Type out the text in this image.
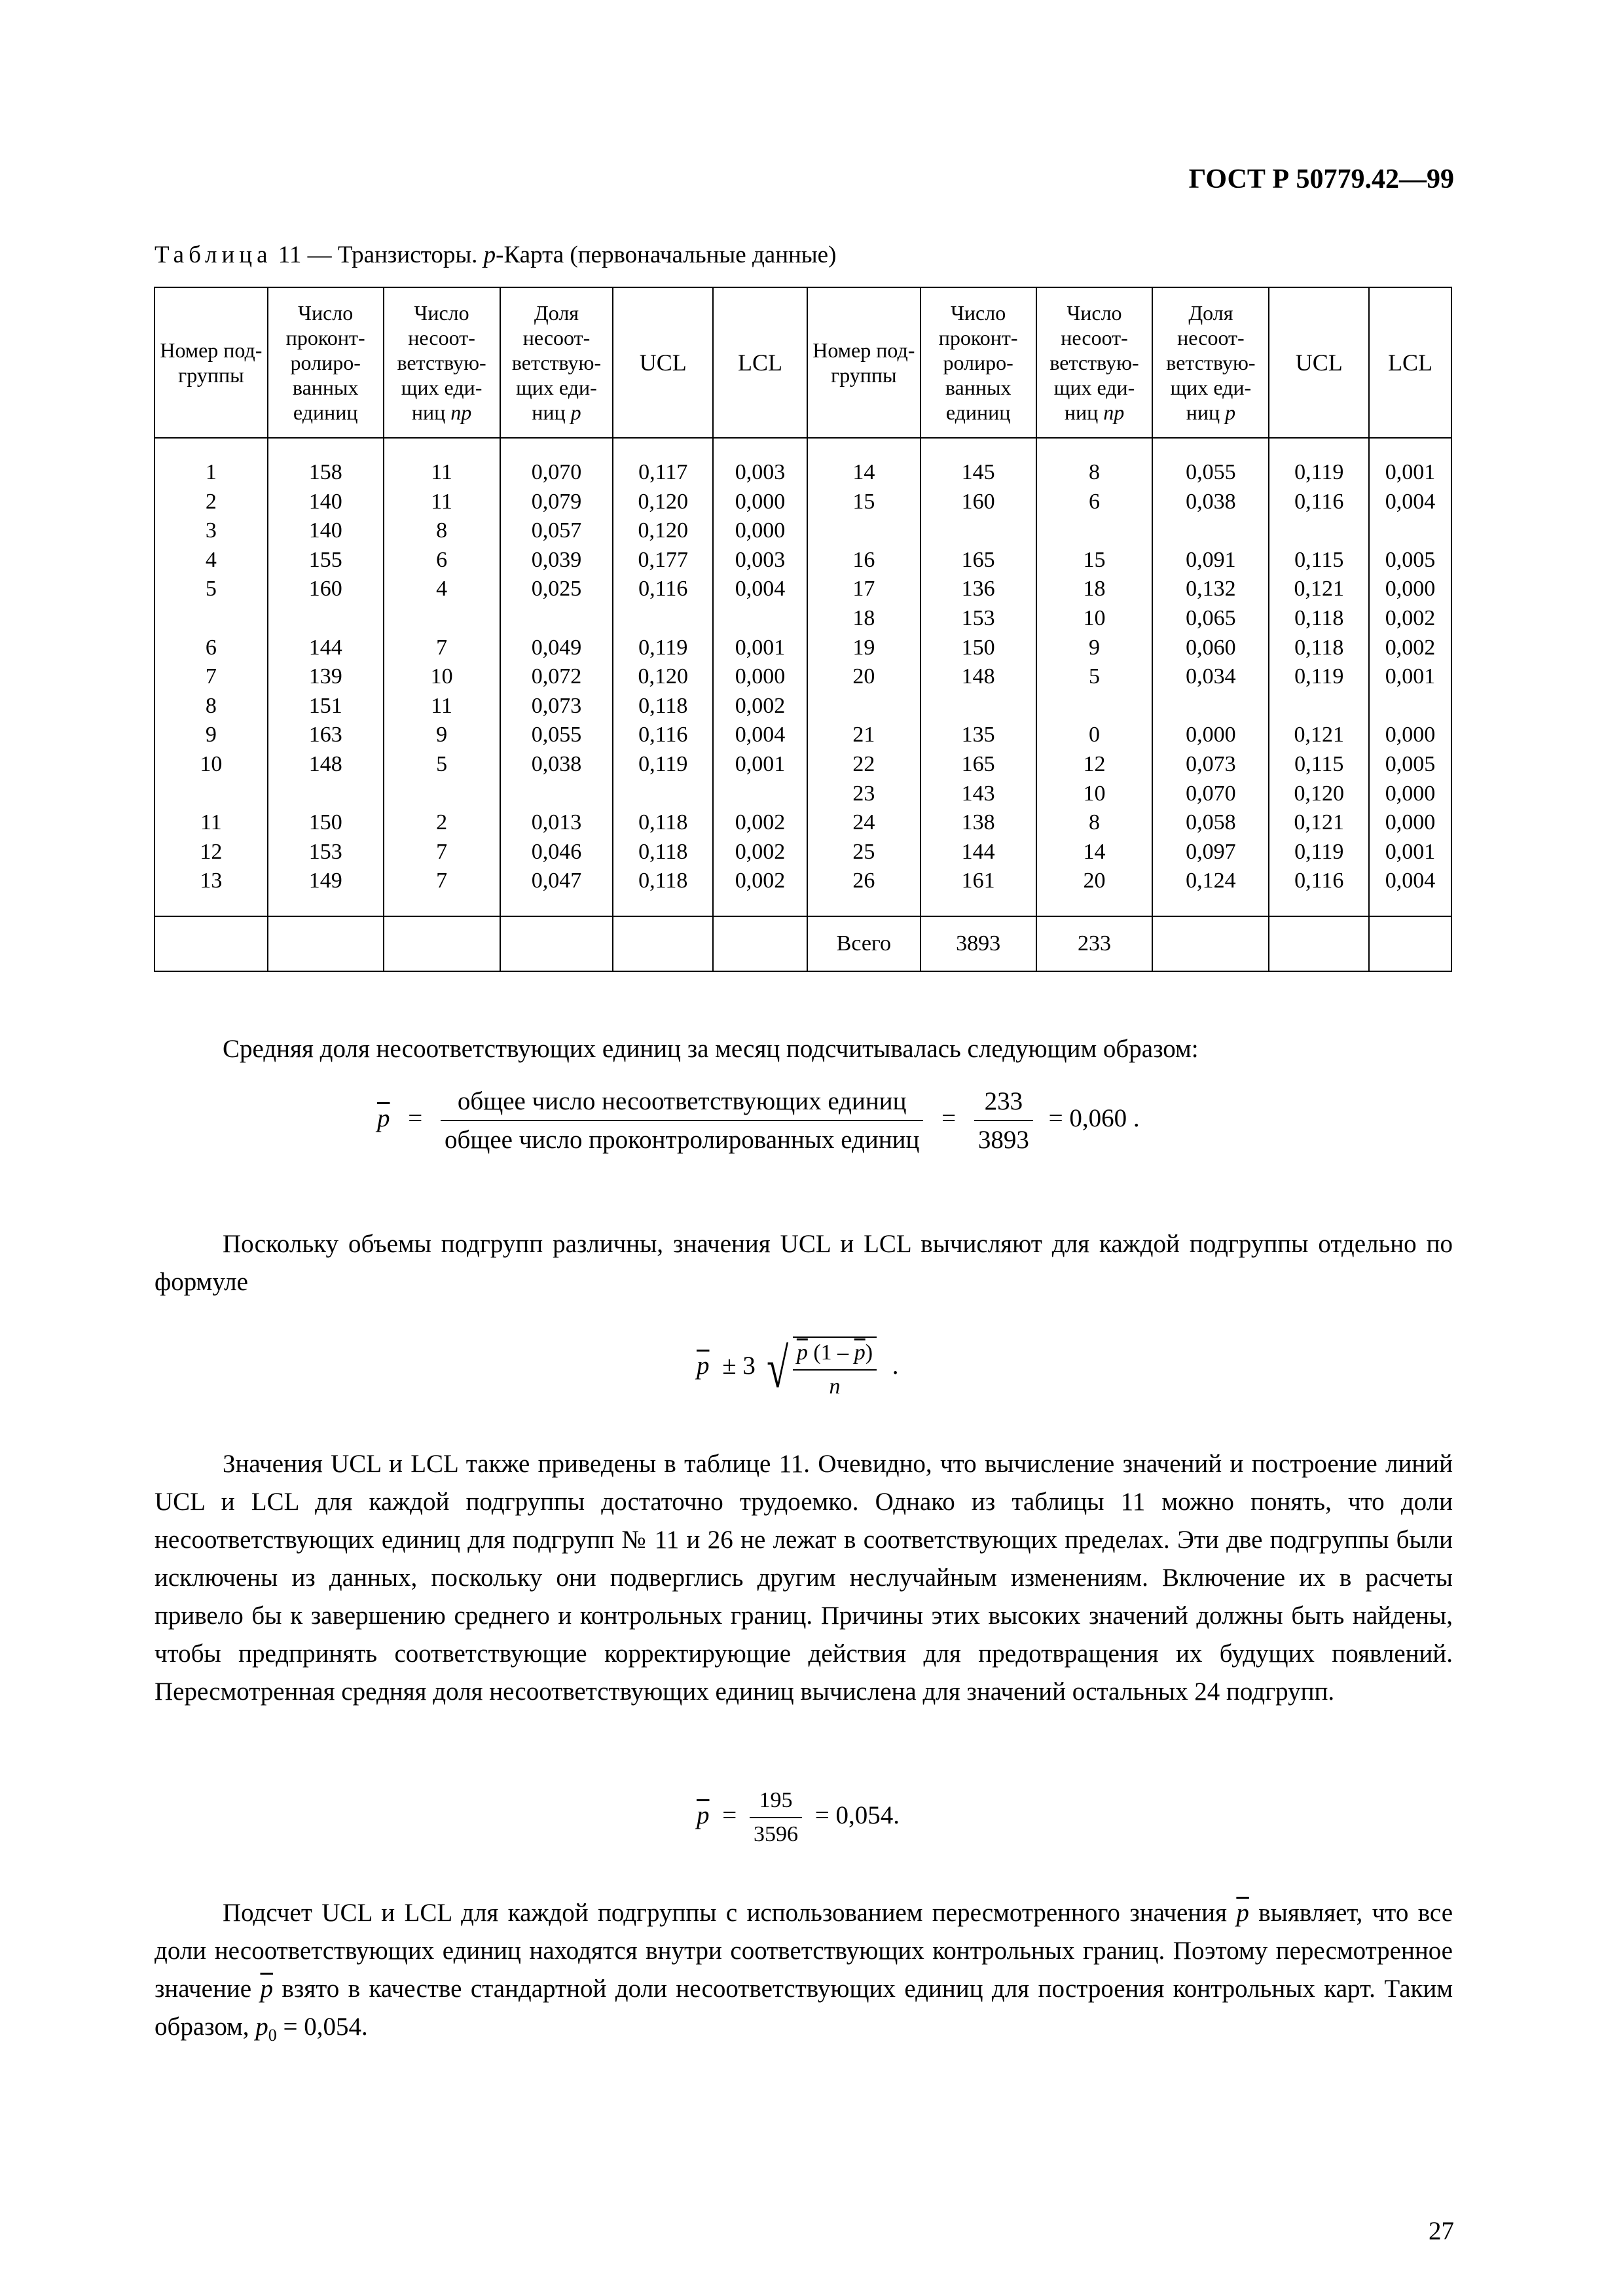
ГОСТ Р 50779.42—99
Таблица 11 — Транзисторы. p-Карта (первоначальные данные)
Номер под- группы	Число проконт- ролиро- ванных единиц	Число несоот- ветствую- щих еди- ниц np	Доля несоот- ветствую- щих еди- ниц p	UCL	LCL	Номер под- группы	Число проконт- ролиро- ванных единиц	Число несоот- ветствую- щих еди- ниц np	Доля несоот- ветствую- щих еди- ниц p	UCL	LCL

1	158	11	0,070	0,117	0,003	14	145	8	0,055	0,119	0,001
2	140	11	0,079	0,120	0,000	15	160	6	0,038	0,116	0,004
3	140	8	0,057	0,120	0,000						
4	155	6	0,039	0,177	0,003	16	165	15	0,091	0,115	0,005
5	160	4	0,025	0,116	0,004	17	136	18	0,132	0,121	0,000
						18	153	10	0,065	0,118	0,002
6	144	7	0,049	0,119	0,001	19	150	9	0,060	0,118	0,002
7	139	10	0,072	0,120	0,000	20	148	5	0,034	0,119	0,001
8	151	11	0,073	0,118	0,002						
9	163	9	0,055	0,116	0,004	21	135	0	0,000	0,121	0,000
10	148	5	0,038	0,119	0,001	22	165	12	0,073	0,115	0,005
						23	143	10	0,070	0,120	0,000
11	150	2	0,013	0,118	0,002	24	138	8	0,058	0,121	0,000
12	153	7	0,046	0,118	0,002	25	144	14	0,097	0,119	0,001
13	149	7	0,047	0,118	0,002	26	161	20	0,124	0,116	0,004

						Всего	3893	233			
Средняя доля несоответствующих единиц за месяц подсчитывалась следующим образом:
$\overline{p} = \frac{\text{общее число несоответствующих единиц}}{\text{общее число проконтролированных единиц}} = \frac{233}{3893} = 0,060$ .
Поскольку объемы подгрупп различны, значения UCL и LCL вычисляют для каждой подгруппы отдельно по формуле
$\overline{p} \pm 3$ √ $\frac{p (1 - \overline{p})}{n}$ .
Значения UCL и LCL также приведены в таблице 11. Очевидно, что вычисление значений и построение линий UCL и LCL для каждой подгруппы достаточно трудоемко. Однако из таблицы 11 можно понять, что доли несоответствующих единиц для подгрупп № 11 и 26 не лежат в соответствующих пределах. Эти две подгруппы были исключены из данных, поскольку они подверглись другим неслучайным изменениям. Включение их в расчеты привело бы к завершению среднего и контрольных границ. Причины этих высоких значений должны быть найдены, чтобы предпринять соответствующие корректирующие действия для предотвращения их будущих появлений. Пересмотренная средняя доля несоответствующих единиц вычислена для значений остальных 24 подгрупп.
$\overline{p} = \frac{195}{3596} = 0,054$.
Подсчет UCL и LCL для каждой подгруппы с использованием пересмотренного значения $\overline{p}$ выявляет, что все доли несоответствующих единиц находятся внутри соответствующих контрольных границ. Поэтому пересмотренное значение $\overline{p}$ взято в качестве стандартной доли несоответствующих единиц для построения контрольных карт. Таким образом, $p_0 = 0,054$.
27
